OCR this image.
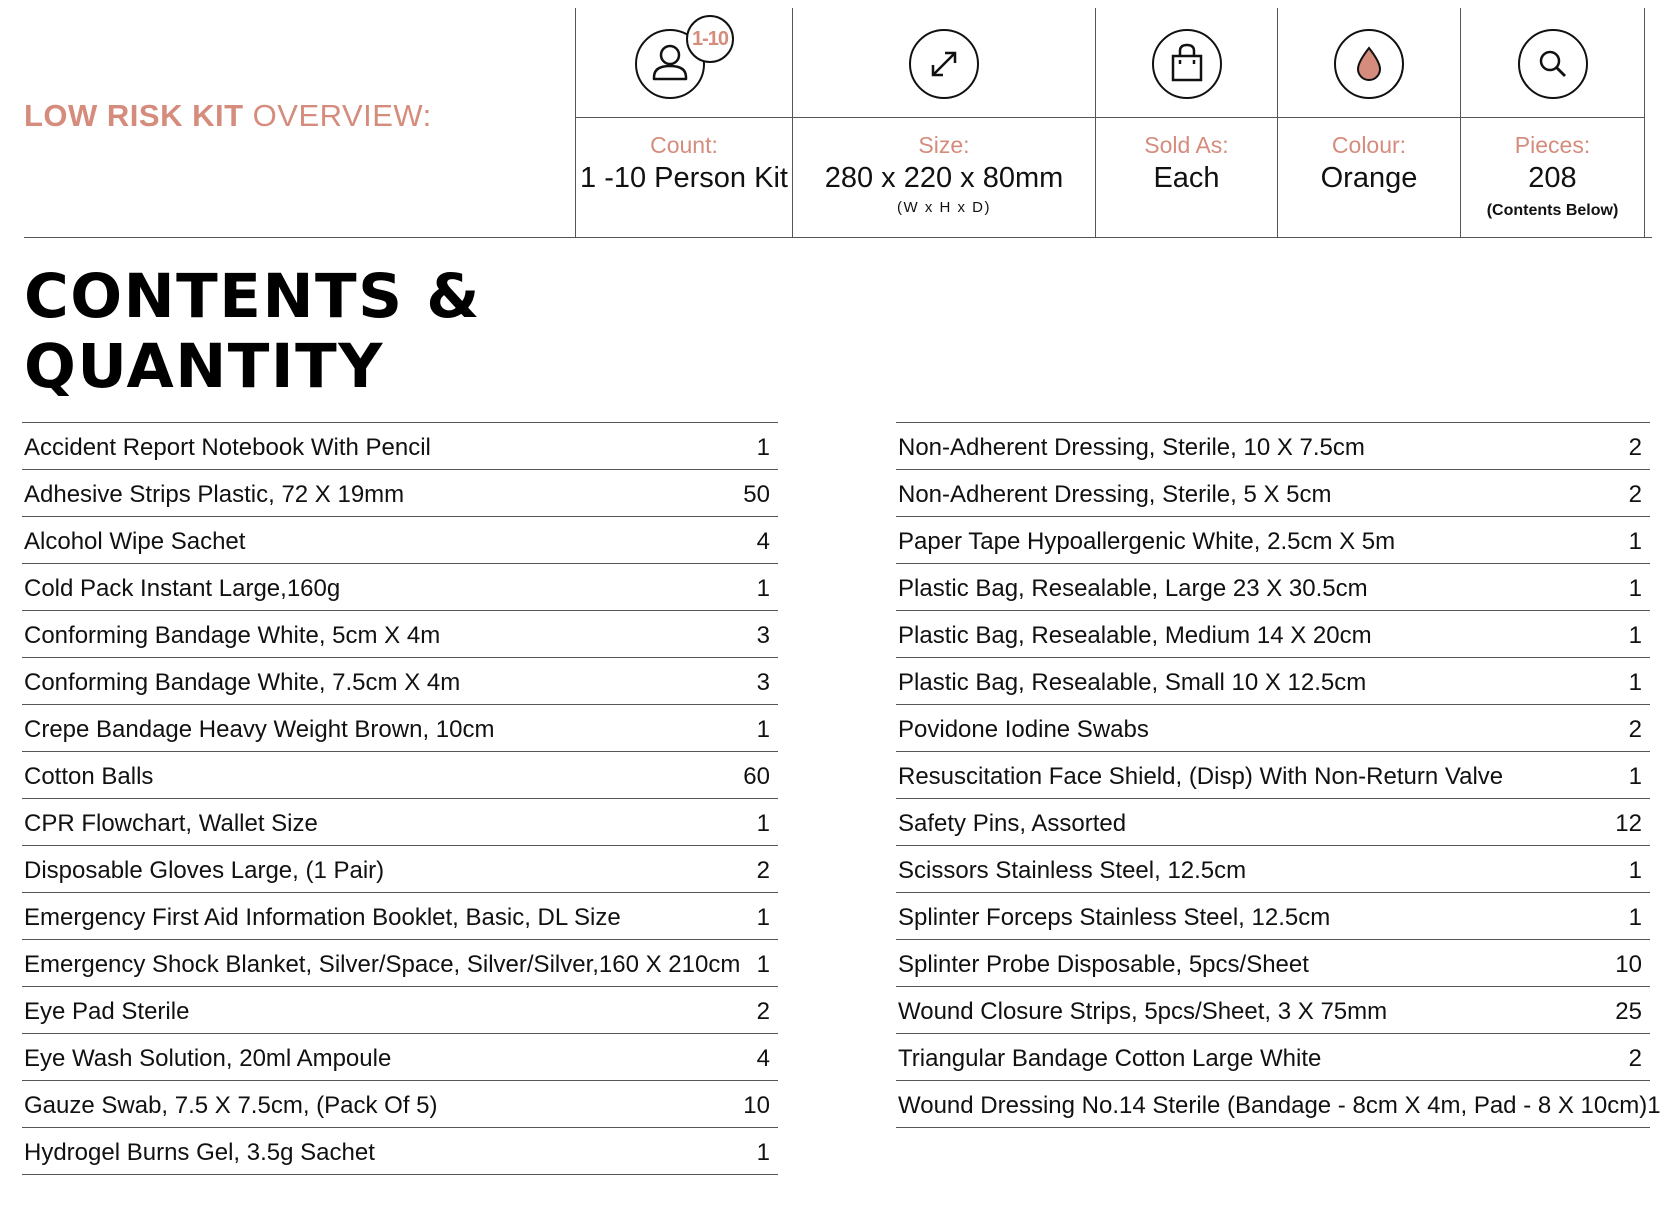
LOW RISK KIT OVERVIEW:
1-10
Count:
1 -10 Person Kit
Size:
280 x 220 x 80mm
(W x H x D)
Sold As:
Each
Colour:
Orange
Pieces:
208
(Contents Below)
CONTENTS &
QUANTITY
Accident Report Notebook With Pencil	1
Adhesive Strips Plastic, 72 X 19mm	50
Alcohol Wipe Sachet	4
Cold Pack Instant Large,160g	1
Conforming Bandage White, 5cm X 4m	3
Conforming Bandage White, 7.5cm X 4m	3
Crepe Bandage Heavy Weight Brown, 10cm	1
Cotton Balls	60
CPR Flowchart, Wallet Size	1
Disposable Gloves Large, (1 Pair)	2
Emergency First Aid Information Booklet, Basic, DL Size	1
Emergency Shock Blanket, Silver/Space, Silver/Silver,160 X 210cm 1
Eye Pad Sterile	2
Eye Wash Solution, 20ml Ampoule	4
Gauze Swab, 7.5 X 7.5cm, (Pack Of 5)	10
Hydrogel Burns Gel, 3.5g Sachet	1
Non-Adherent Dressing, Sterile, 10 X 7.5cm	2
Non-Adherent Dressing, Sterile, 5 X 5cm	2
Paper Tape Hypoallergenic White, 2.5cm X 5m	1
Plastic Bag, Resealable, Large 23 X 30.5cm	1
Plastic Bag, Resealable, Medium 14 X 20cm	1
Plastic Bag, Resealable, Small 10 X 12.5cm	1
Povidone Iodine Swabs	2
Resuscitation Face Shield, (Disp) With Non-Return Valve	1
Safety Pins, Assorted	12
Scissors Stainless Steel, 12.5cm	1
Splinter Forceps Stainless Steel, 12.5cm	1
Splinter Probe Disposable, 5pcs/Sheet	10
Wound Closure Strips, 5pcs/Sheet, 3 X 75mm	25
Triangular Bandage Cotton Large White	2
Wound Dressing No.14 Sterile (Bandage - 8cm X 4m, Pad - 8 X 10cm) 1
